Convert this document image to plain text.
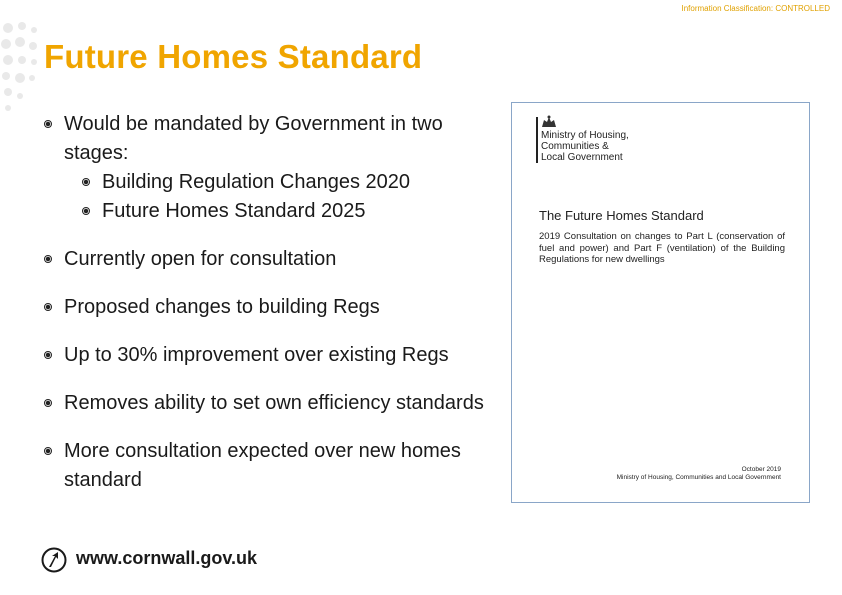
Information Classification: CONTROLLED
Future Homes Standard
Would be mandated by Government in two stages:
Building Regulation Changes 2020
Future Homes Standard 2025
Currently open for consultation
Proposed changes to building Regs
Up to 30% improvement over existing Regs
Removes ability to set own efficiency standards
More consultation expected over new homes standard
Ministry of Housing,
Communities &
Local Government
The Future Homes Standard
2019 Consultation on changes to Part L (conservation of fuel and power) and Part F (ventilation) of the Building Regulations for new dwellings
October 2019
Ministry of Housing, Communities and Local Government
www.cornwall.gov.uk
